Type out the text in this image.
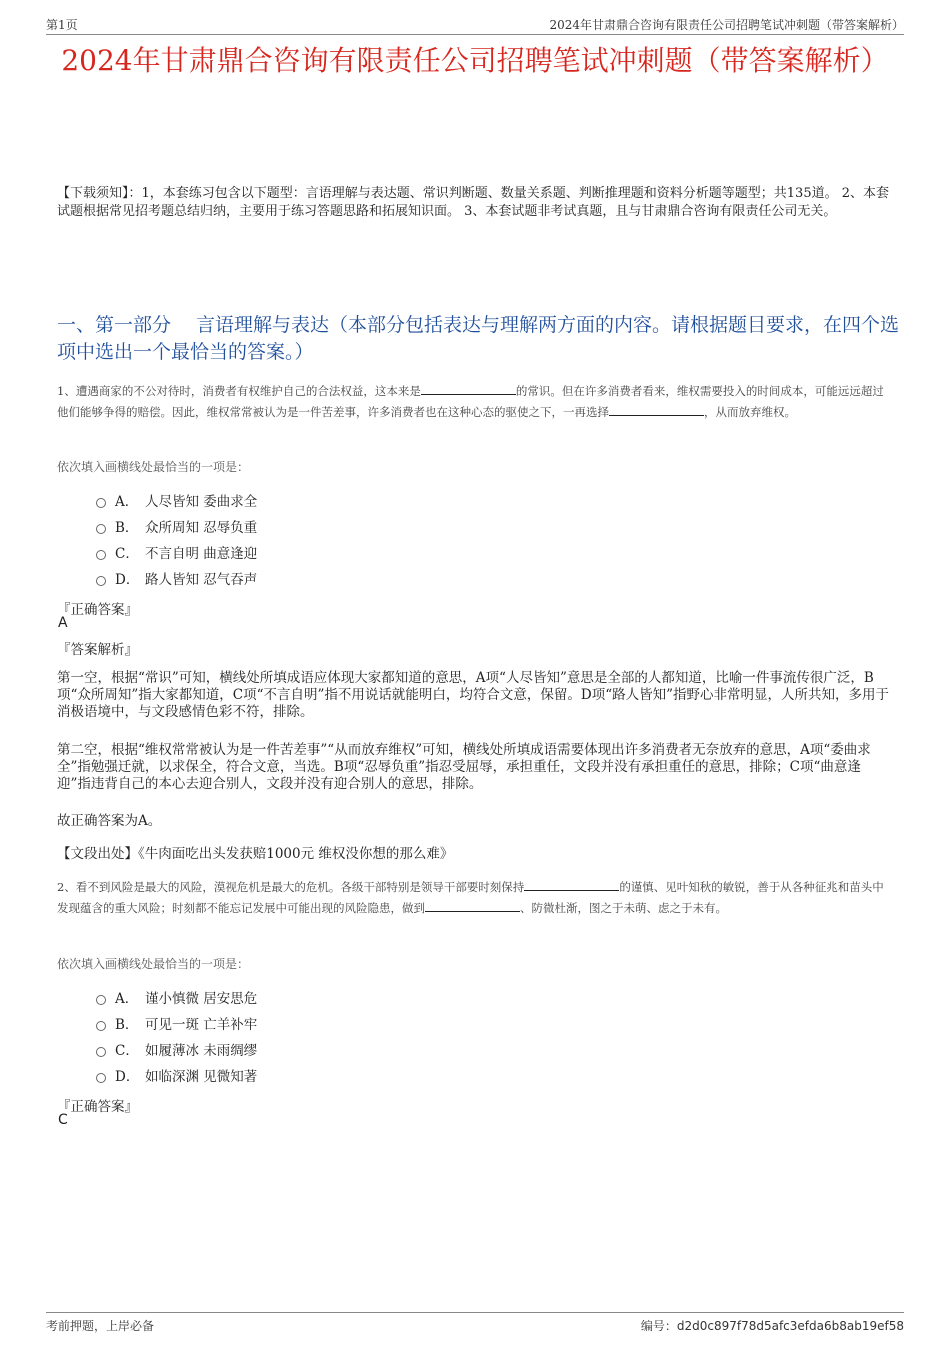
第1页	2024年甘肃鼎合咨询有限责任公司招聘笔试冲刺题（带答案解析）
2024年甘肃鼎合咨询有限责任公司招聘笔试冲刺题（带答案解析）
【下载须知】：1，本套练习包含以下题型：言语理解与表达题、常识判断题、数量关系题、判断推理题和资料分析题等题型；共135道。 2、本套试题根据常见招考题总结归纳，主要用于练习答题思路和拓展知识面。 3、本套试题非考试真题，且与甘肃鼎合咨询有限责任公司无关。
一、第一部分　 言语理解与表达（本部分包括表达与理解两方面的内容。请根据题目要求，在四个选项中选出一个最恰当的答案。）
1、遭遇商家的不公对待时，消费者有权维护自己的合法权益，这本来是	的常识。但在许多消费者看来，维权需要投入的时间成本，可能远远超过他们能够争得的赔偿。因此，维权常常被认为是一件苦差事，许多消费者也在这种心态的驱使之下，一再选择	，从而放弃维权。
依次填入画横线处最恰当的一项是：
A． 人尽皆知 委曲求全
B． 众所周知 忍辱负重
C． 不言自明 曲意逢迎
D． 路人皆知 忍气吞声
『正确答案』
A
『答案解析』
第一空，根据“常识”可知，横线处所填成语应体现大家都知道的意思，A项“人尽皆知”意思是全部的人都知道，比喻一件事流传很广泛，B项“众所周知”指大家都知道，C项“不言自明”指不用说话就能明白，均符合文意，保留。D项“路人皆知”指野心非常明显，人所共知，多用于消极语境中，与文段感情色彩不符，排除。
第二空，根据“维权常常被认为是一件苦差事”“从而放弃维权”可知，横线处所填成语需要体现出许多消费者无奈放弃的意思，A项“委曲求全”指勉强迁就，以求保全，符合文意，当选。B项“忍辱负重”指忍受屈辱，承担重任，文段并没有承担重任的意思，排除；C项“曲意逢迎”指违背自己的本心去迎合别人，文段并没有迎合别人的意思，排除。
故正确答案为A。
【文段出处】《牛肉面吃出头发获赔1000元 维权没你想的那么难》
2、看不到风险是最大的风险，漠视危机是最大的危机。各级干部特别是领导干部要时刻保持	的谨慎、见叶知秋的敏锐，善于从各种征兆和苗头中发现蕴含的重大风险；时刻都不能忘记发展中可能出现的风险隐患，做到	、防微杜渐，图之于未萌、虑之于未有。
依次填入画横线处最恰当的一项是：
A． 谨小慎微 居安思危
B． 可见一斑 亡羊补牢
C． 如履薄冰 未雨绸缪
D． 如临深渊 见微知著
『正确答案』
C
考前押题，上岸必备	编号：d2d0c897f78d5afc3efda6b8ab19ef58
